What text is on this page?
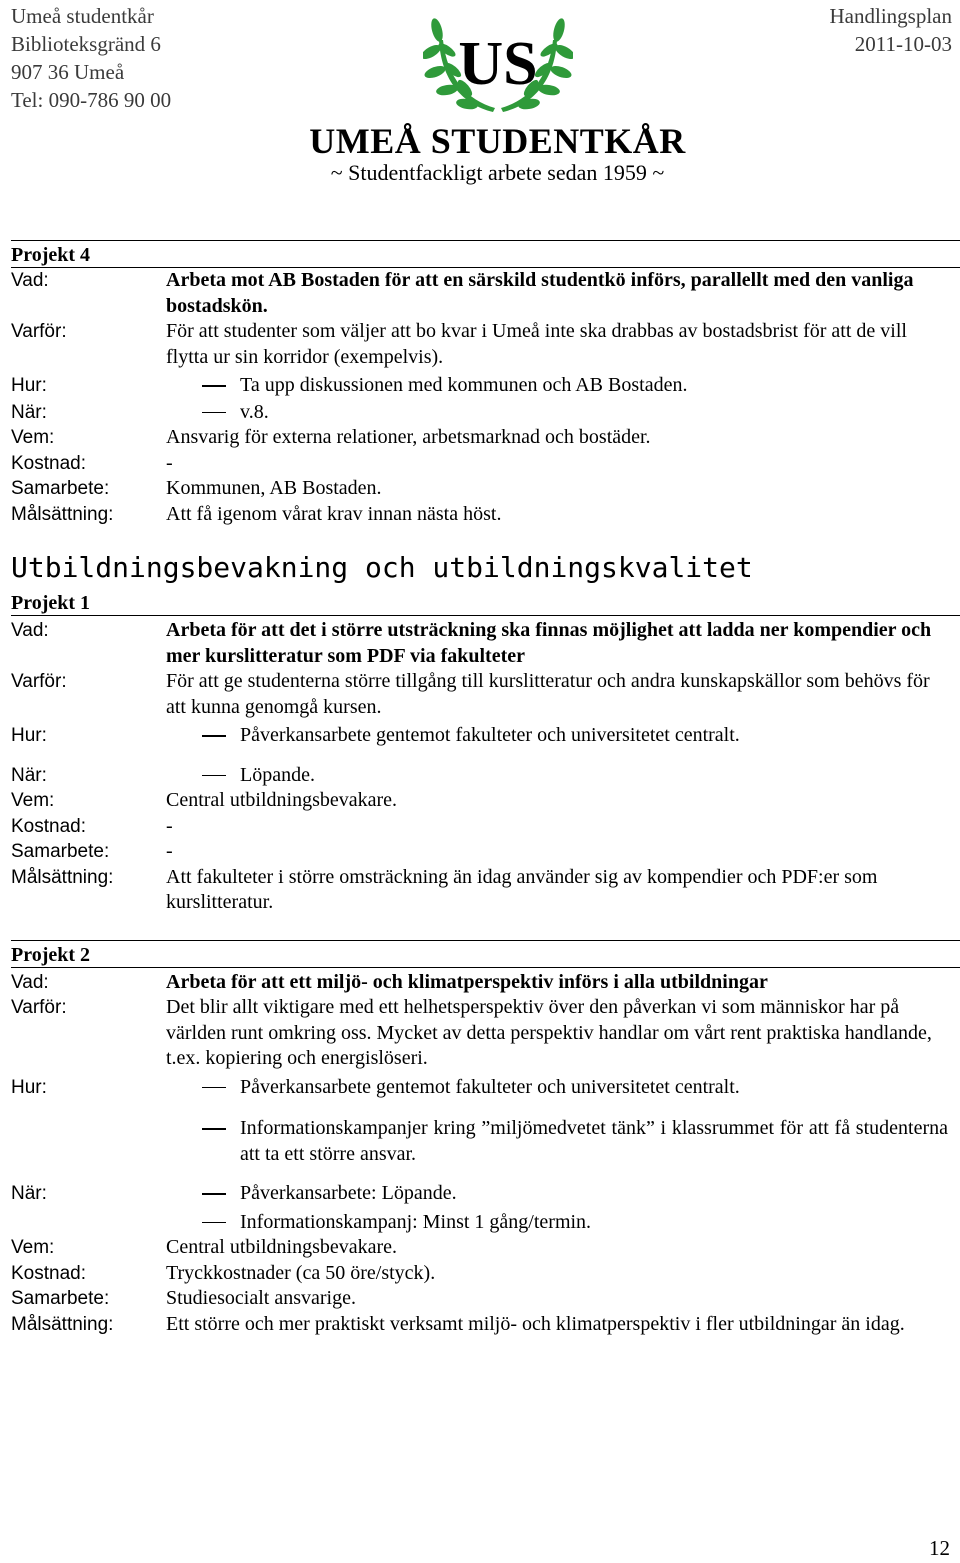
Umeå studentkår
Biblioteksgränd 6
907 36 Umeå
Tel: 090-786 90 00
US
UMEÅ STUDENTKÅR
~ Studentfackligt arbete sedan 1959 ~
Handlingsplan
2011-10-03
Projekt 4
Vad:	Arbeta mot AB Bostaden för att en särskild studentkö införs, parallellt med den vanliga bostadskön.
Varför:	För att studenter som väljer att bo kvar i Umeå inte ska drabbas av bostadsbrist för att de vill flytta ur sin korridor (exempelvis).
Hur:	Ta upp diskussionen med kommunen och AB Bostaden.
När:	v.8.
Vem:	Ansvarig för externa relationer, arbetsmarknad och bostäder.
Kostnad:	-
Samarbete:	Kommunen, AB Bostaden.
Målsättning:	Att få igenom vårat krav innan nästa höst.
Utbildningsbevakning och utbildningskvalitet
Projekt 1
Vad:	Arbeta för att det i större utsträckning ska finnas möjlighet att ladda ner kompendier och mer kurslitteratur som PDF via fakulteter
Varför:	För att ge studenterna större tillgång till kurslitteratur och andra kunskapskällor som behövs för att kunna genomgå kursen.
Hur:	Påverkansarbete gentemot fakulteter och universitetet centralt.
När:	Löpande.
Vem:	Central utbildningsbevakare.
Kostnad:	-
Samarbete:	-
Målsättning:	Att fakulteter i större omsträckning än idag använder sig av kompendier och PDF:er som kurslitteratur.
Projekt 2
Vad:	Arbeta för att ett miljö- och klimatperspektiv införs i alla utbildningar
Varför:	Det blir allt viktigare med ett helhetsperspektiv över den påverkan vi som människor har på världen runt omkring oss. Mycket av detta perspektiv handlar om vårt rent praktiska handlande, t.ex. kopiering och energislöseri.
Hur:	Påverkansarbete gentemot fakulteter och universitetet centralt.
Informationskampanjer kring ”miljömedvetet tänk” i klassrummet för att få studenterna att ta ett större ansvar.
När:	Påverkansarbete: Löpande.
Informationskampanj: Minst 1 gång/termin.
Vem:	Central utbildningsbevakare.
Kostnad:	Tryckkostnader (ca 50 öre/styck).
Samarbete:	Studiesocialt ansvarige.
Målsättning:	Ett större och mer praktiskt verksamt miljö- och klimatperspektiv i fler utbildningar än idag.
12
